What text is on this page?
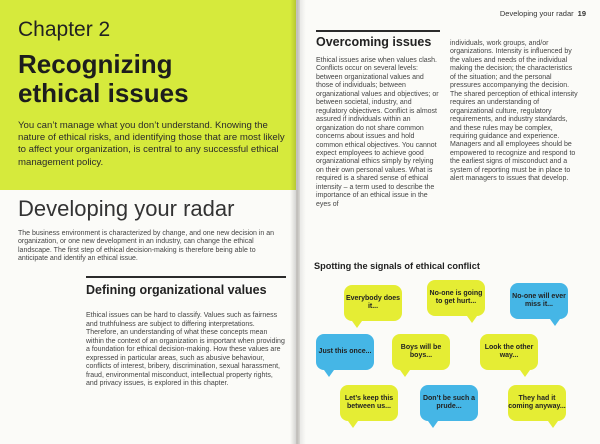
Chapter 2
Recognizing
ethical issues
You can’t manage what you don’t understand. Knowing the nature of ethical risks, and identifying those that are most likely to affect your organization, is central to any successful ethical management policy.
Developing your radar
The business environment is characterized by change, and one new decision in an organization, or one new development in an industry, can change the ethical landscape. The first step of ethical decision-making is therefore being able to anticipate and identify an ethical issue.
Defining organizational values
Ethical issues can be hard to classify. Values such as fairness and truthfulness are subject to differing interpretations. Therefore, an understanding of what these concepts mean within the context of an organization is important when providing a foundation for ethical decision-making. How these values are expressed in particular areas, such as abusive behaviour, conflicts of interest, bribery, discrimination, sexual harassment, fraud, environmental misconduct, intellectual property rights, and privacy issues, is explored in this chapter.
Developing your radar 19
Overcoming issues
Ethical issues arise when values clash. Conflicts occur on several levels: between organizational values and those of individuals; between organizational values and objectives; or between societal, industry, and regulatory objectives. Conflict is almost assured if individuals within an organization do not share common concerns about issues and hold common ethical objectives. You cannot expect employees to achieve good organizational ethics simply by relying on their own personal values. What is required is a shared sense of ethical intensity – a term used to describe the importance of an ethical issue in the eyes of
individuals, work groups, and/or organizations. Intensity is influenced by the values and needs of the individual making the decision; the characteristics of the situation; and the personal pressures accompanying the decision. The shared perception of ethical intensity requires an understanding of organizational culture, regulatory requirements, and industry standards, and these rules may be complex, requiring guidance and experience. Managers and all employees should be empowered to recognize and respond to the earliest signs of misconduct and a system of reporting must be in place to alert managers to issues that develop.
Spotting the signals of ethical conflict
Everybody does it...
No-one is going to get hurt...
No-one will ever miss it...
Just this once...
Boys will be boys...
Look the other way...
Let’s keep this between us...
Don’t be such a prude...
They had it coming anyway...
